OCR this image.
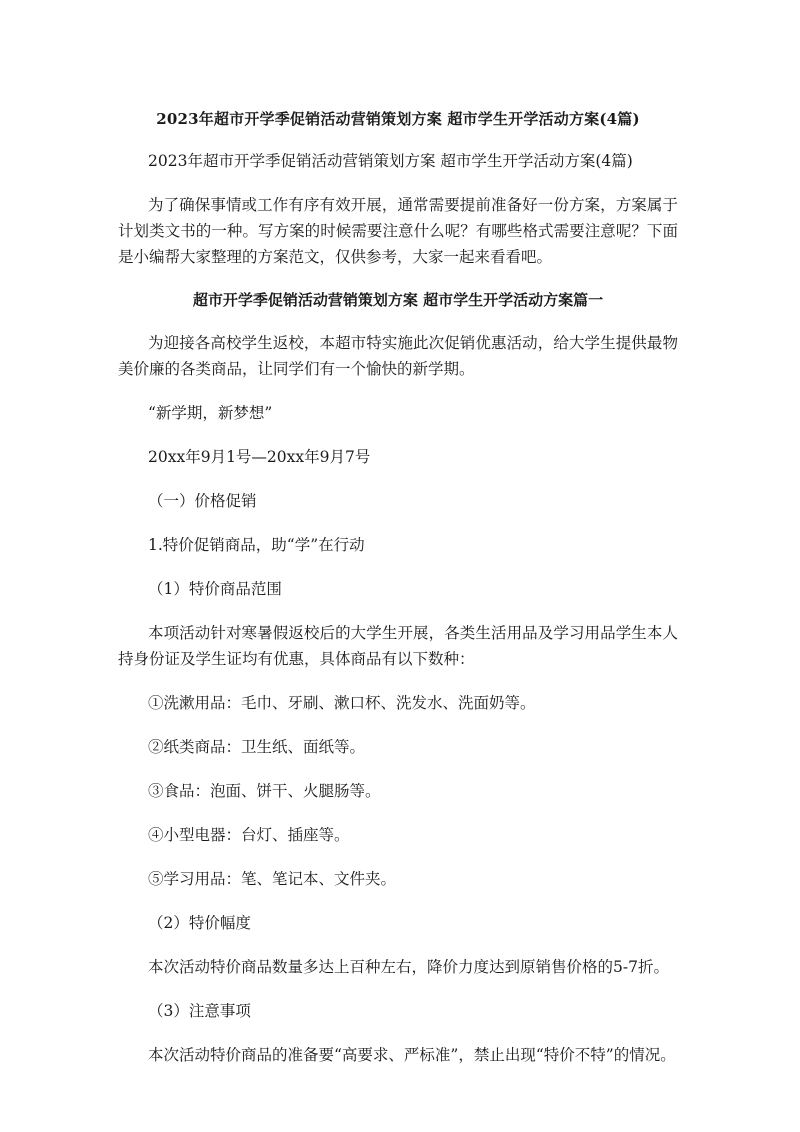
2023年超市开学季促销活动营销策划方案 超市学生开学活动方案(4篇)
2023年超市开学季促销活动营销策划方案 超市学生开学活动方案(4篇)
为了确保事情或工作有序有效开展，通常需要提前准备好一份方案，方案属于计划类文书的一种。写方案的时候需要注意什么呢？有哪些格式需要注意呢？下面是小编帮大家整理的方案范文，仅供参考，大家一起来看看吧。
超市开学季促销活动营销策划方案 超市学生开学活动方案篇一
为迎接各高校学生返校，本超市特实施此次促销优惠活动，给大学生提供最物美价廉的各类商品，让同学们有一个愉快的新学期。
“新学期，新梦想”
20xx年9月1号—20xx年9月7号
（一）价格促销
1.特价促销商品，助“学”在行动
（1）特价商品范围
本项活动针对寒暑假返校后的大学生开展，各类生活用品及学习用品学生本人持身份证及学生证均有优惠，具体商品有以下数种：
①洗漱用品：毛巾、牙刷、漱口杯、洗发水、洗面奶等。
②纸类商品：卫生纸、面纸等。
③食品：泡面、饼干、火腿肠等。
④小型电器：台灯、插座等。
⑤学习用品：笔、笔记本、文件夹。
（2）特价幅度
本次活动特价商品数量多达上百种左右，降价力度达到原销售价格的5-7折。
（3）注意事项
本次活动特价商品的准备要“高要求、严标准”，禁止出现“特价不特”的情况。
